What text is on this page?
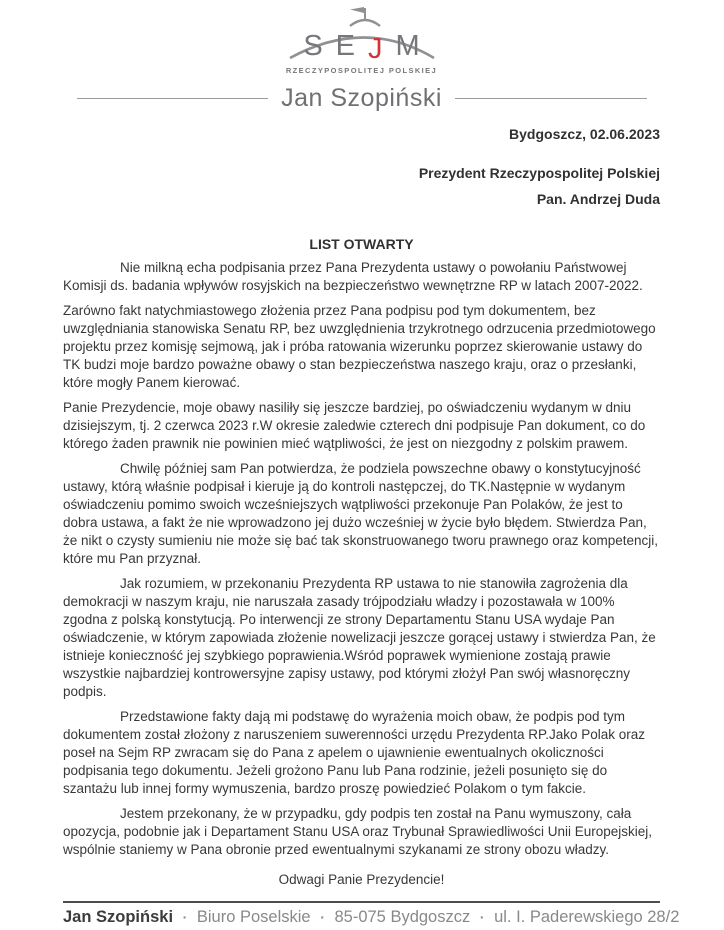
S E J M
RZECZYPOSPOLITEJ POLSKIEJ
Jan Szopiński
Bydgoszcz, 02.06.2023
Prezydent Rzeczypospolitej Polskiej
Pan. Andrzej Duda
LIST OTWARTY

Nie milkną echa podpisania przez Pana Prezydenta ustawy o powołaniu Państwowej Komisji ds. badania wpływów rosyjskich na bezpieczeństwo wewnętrzne RP w latach 2007-2022.

Zarówno fakt natychmiastowego złożenia przez Pana podpisu pod tym dokumentem, bez uwzględniania stanowiska Senatu RP, bez uwzględnienia trzykrotnego odrzucenia przedmiotowego projektu przez komisję sejmową, jak i próba ratowania wizerunku poprzez skierowanie ustawy do TK budzi moje bardzo poważne obawy o stan bezpieczeństwa naszego kraju, oraz o przesłanki, które mogły Panem kierować.

Panie Prezydencie, moje obawy nasiliły się jeszcze bardziej, po oświadczeniu wydanym w dniu dzisiejszym, tj. 2 czerwca 2023 r.W okresie zaledwie czterech dni podpisuje Pan dokument, co do którego żaden prawnik nie powinien mieć wątpliwości, że jest on niezgodny z polskim prawem.

Chwilę później sam Pan potwierdza, że podziela powszechne obawy o konstytucyjność ustawy, którą właśnie podpisał i kieruje ją do kontroli następczej, do TK.Następnie w wydanym oświadczeniu pomimo swoich wcześniejszych wątpliwości przekonuje Pan Polaków, że jest to dobra ustawa, a fakt że nie wprowadzono jej dużo wcześniej w życie było błędem. Stwierdza Pan, że nikt o czysty sumieniu nie może się bać tak skonstruowanego tworu prawnego oraz kompetencji, które mu Pan przyznał.

Jak rozumiem, w przekonaniu Prezydenta RP ustawa to nie stanowiła zagrożenia dla demokracji w naszym kraju, nie naruszała zasady trójpodziału władzy i pozostawała w 100% zgodna z polską konstytucją. Po interwencji ze strony Departamentu Stanu USA wydaje Pan oświadczenie, w którym zapowiada złożenie nowelizacji jeszcze gorącej ustawy i stwierdza Pan, że istnieje konieczność jej szybkiego poprawienia.Wśród poprawek wymienione zostają prawie wszystkie najbardziej kontrowersyjne zapisy ustawy, pod którymi złożył Pan swój własnoręczny podpis.

Przedstawione fakty dają mi podstawę do wyrażenia moich obaw, że podpis pod tym dokumentem został złożony z naruszeniem suwerenności urzędu Prezydenta RP.Jako Polak oraz poseł na Sejm RP zwracam się do Pana z apelem o ujawnienie ewentualnych okoliczności podpisania tego dokumentu. Jeżeli grożono Panu lub Pana rodzinie, jeżeli posunięto się do szantażu lub innej formy wymuszenia, bardzo proszę powiedzieć Polakom o tym fakcie.

Jestem przekonany, że w przypadku, gdy podpis ten został na Panu wymuszony, cała opozycja, podobnie jak i Departament Stanu USA oraz Trybunał Sprawiedliwości Unii Europejskiej, wspólnie staniemy w Pana obronie przed ewentualnymi szykanami ze strony obozu władzy.

Odwagi Panie Prezydencie!
Jan Szopiński · Biuro Poselskie · 85-075 Bydgoszcz · ul. I. Paderewskiego 28/2
